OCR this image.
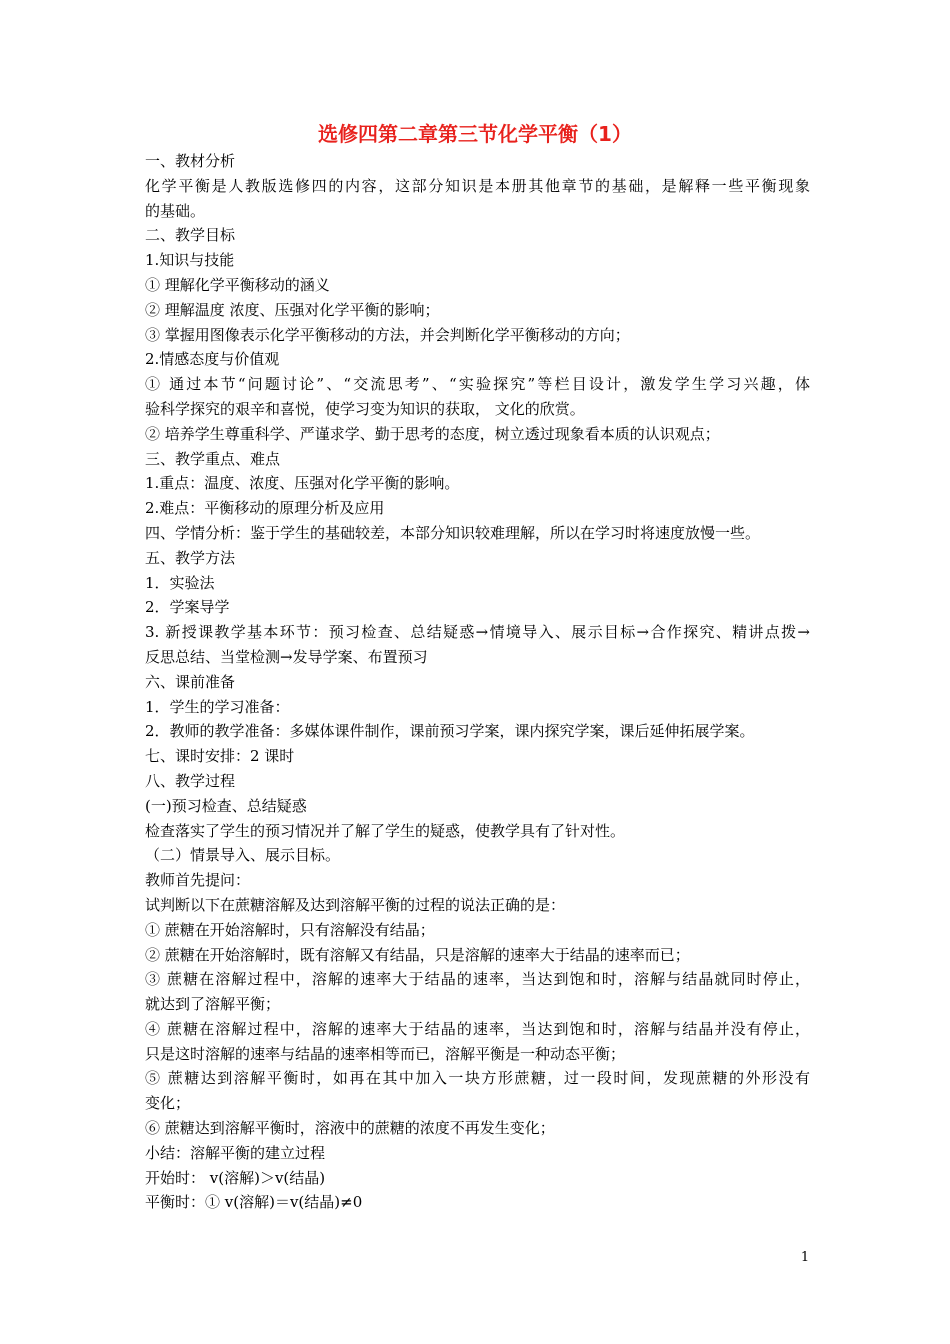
选修四第二章第三节化学平衡（1）
一、教材分析
化学平衡是人教版选修四的内容，这部分知识是本册其他章节的基础，是解释一些平衡现象
的基础。
二、教学目标
1.知识与技能
① 理解化学平衡移动的涵义
② 理解温度 浓度、压强对化学平衡的影响；
③ 掌握用图像表示化学平衡移动的方法，并会判断化学平衡移动的方向；
2.情感态度与价值观
① 通过本节“问题讨论”、“交流思考”、“实验探究”等栏目设计，激发学生学习兴趣，体
验科学探究的艰辛和喜悦，使学习变为知识的获取， 文化的欣赏。
② 培养学生尊重科学、严谨求学、勤于思考的态度，树立透过现象看本质的认识观点；
三、教学重点、难点
1.重点：温度、浓度、压强对化学平衡的影响。
2.难点：平衡移动的原理分析及应用
四、学情分析：鉴于学生的基础较差，本部分知识较难理解，所以在学习时将速度放慢一些。
五、教学方法
1．实验法
2．学案导学
3. 新授课教学基本环节：预习检查、总结疑惑→情境导入、展示目标→合作探究、精讲点拨→
反思总结、当堂检测→发导学案、布置预习
六、课前准备
1．学生的学习准备：
2．教师的教学准备：多媒体课件制作，课前预习学案，课内探究学案，课后延伸拓展学案。
七、课时安排：2 课时
八、教学过程
(一)预习检查、总结疑惑
检查落实了学生的预习情况并了解了学生的疑惑，使教学具有了针对性。
（二）情景导入、展示目标。
教师首先提问：
试判断以下在蔗糖溶解及达到溶解平衡的过程的说法正确的是：
① 蔗糖在开始溶解时，只有溶解没有结晶；
② 蔗糖在开始溶解时，既有溶解又有结晶，只是溶解的速率大于结晶的速率而已；
③ 蔗糖在溶解过程中，溶解的速率大于结晶的速率，当达到饱和时，溶解与结晶就同时停止，
就达到了溶解平衡；
④ 蔗糖在溶解过程中，溶解的速率大于结晶的速率，当达到饱和时，溶解与结晶并没有停止，
只是这时溶解的速率与结晶的速率相等而已，溶解平衡是一种动态平衡；
⑤ 蔗糖达到溶解平衡时，如再在其中加入一块方形蔗糖，过一段时间，发现蔗糖的外形没有
变化；
⑥ 蔗糖达到溶解平衡时，溶液中的蔗糖的浓度不再发生变化；
小结：溶解平衡的建立过程
开始时： v(溶解)＞v(结晶)
平衡时：① v(溶解)＝v(结晶)≠0
1
